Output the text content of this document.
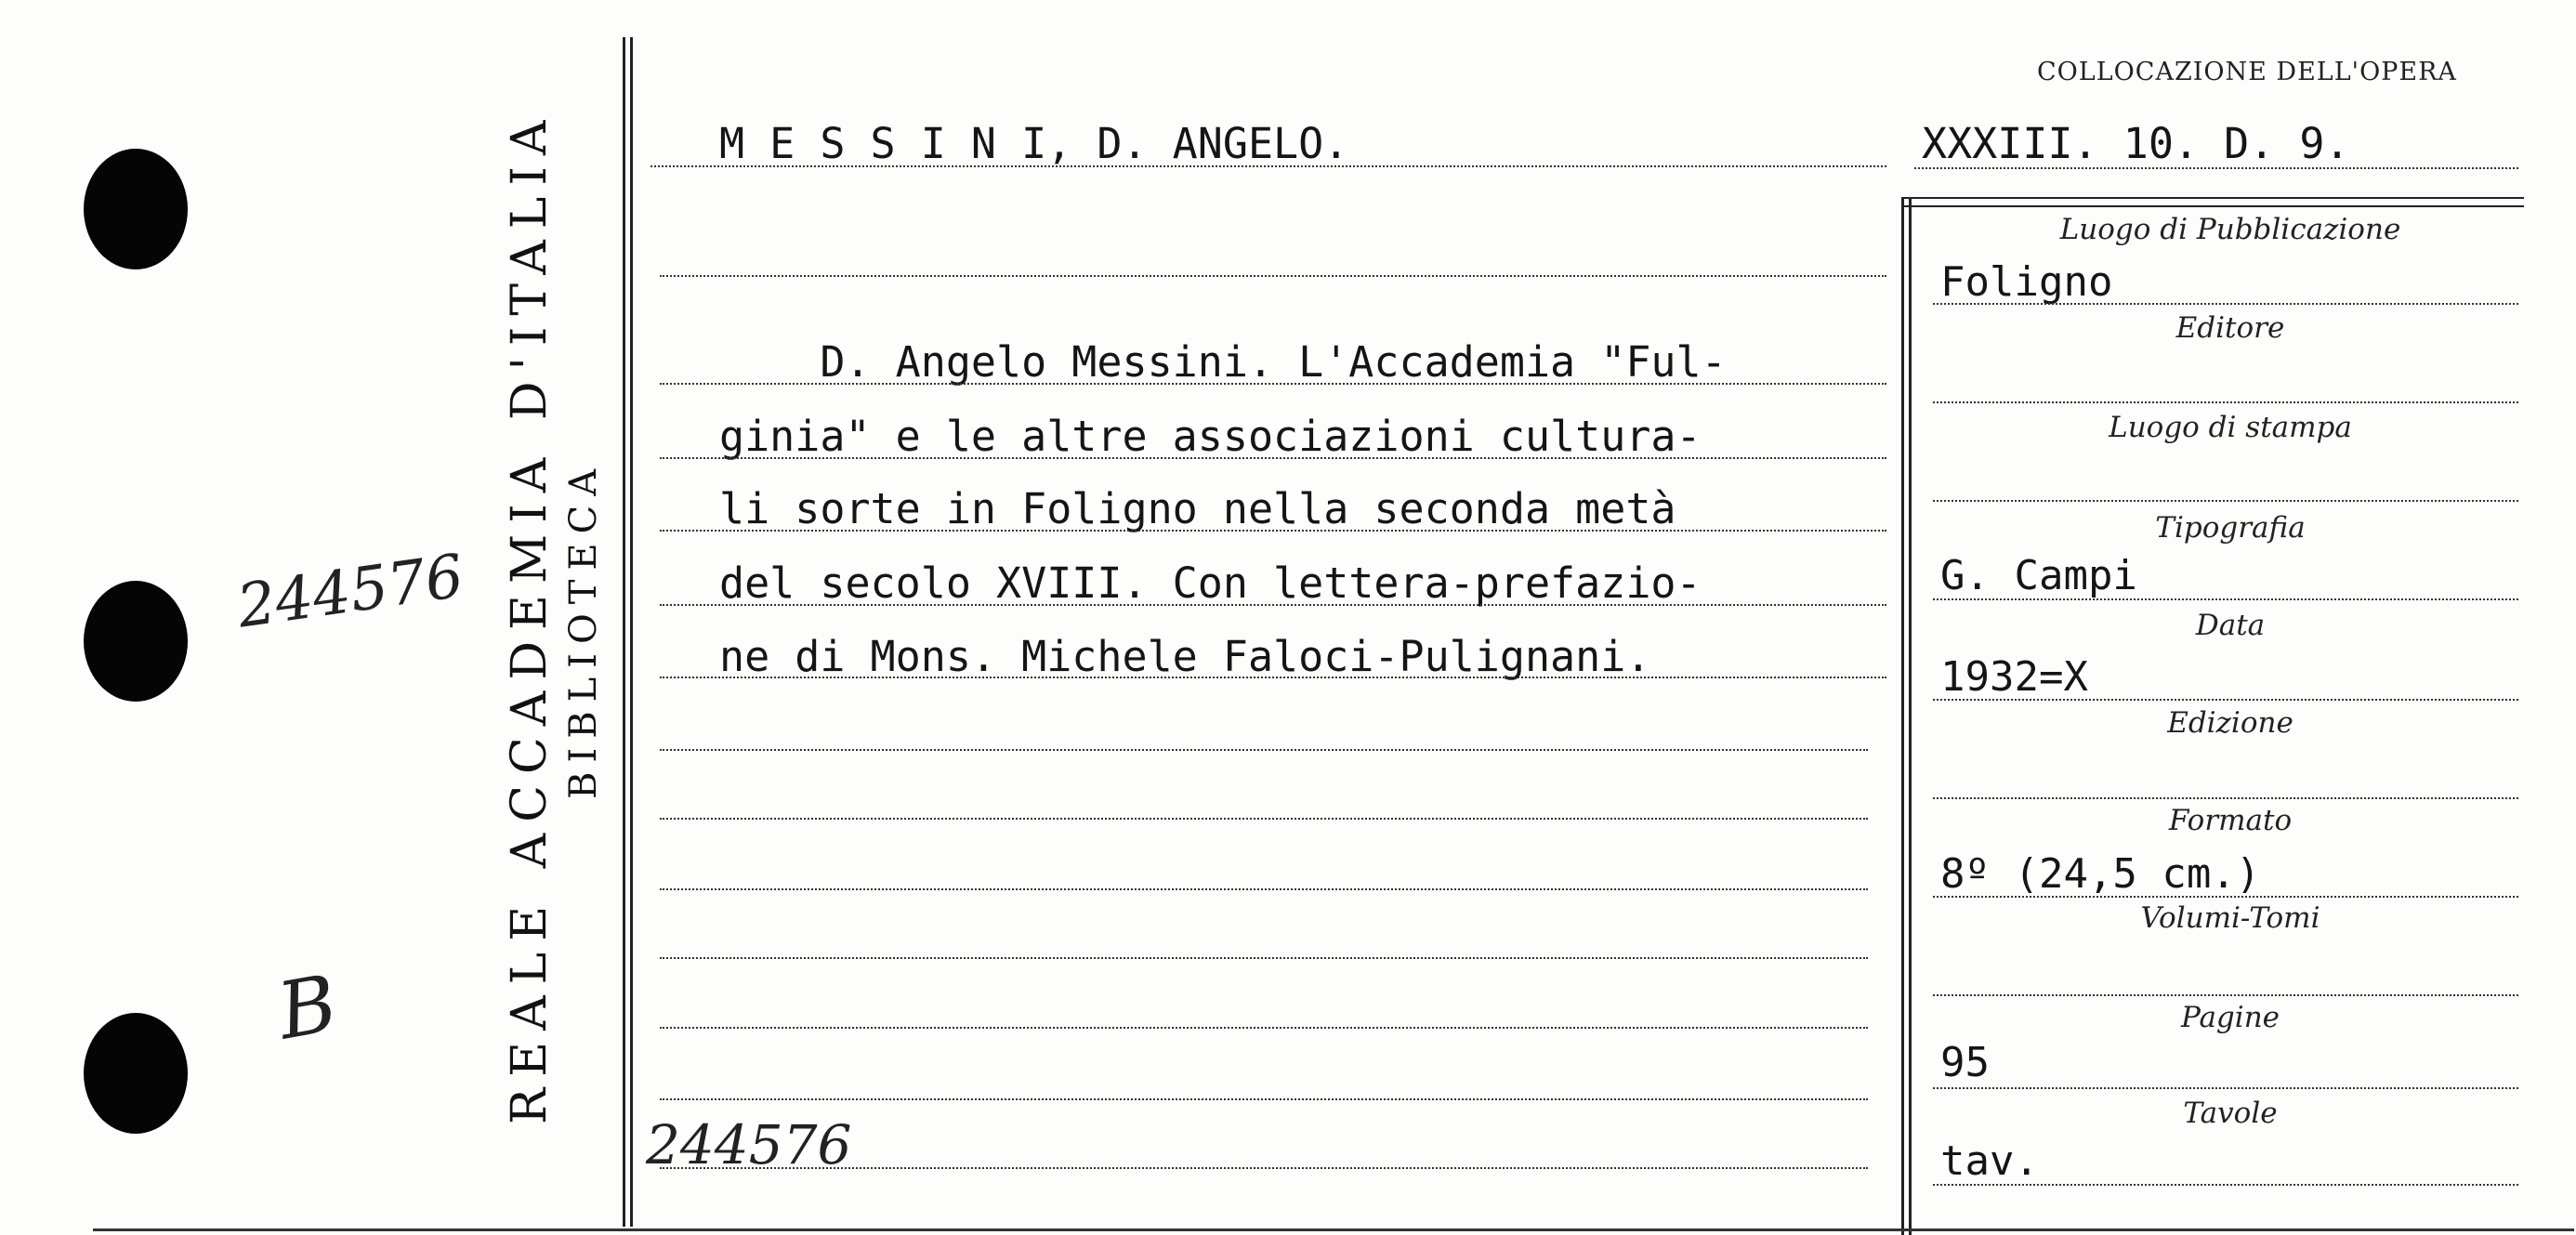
REALE ACCADEMIA D'ITALIA BIBLIOTECA
244576
B
244576
M E S S I N I, D. ANGELO.
COLLOCAZIONE DELL'OPERA
XXXIII. 10. D. 9.
D. Angelo Messini. L'Accademia "Ful-
ginia" e le altre associazioni cultura-
li sorte in Foligno nella seconda metà
del secolo XVIII. Con lettera-prefazio-
ne di Mons. Michele Faloci-Pulignani.
Luogo di Pubblicazione
Foligno
Editore
Luogo di stampa
Tipografia
G. Campi
Data
1932=X
Edizione
Formato
8º (24,5 cm.)
Volumi-Tomi
Pagine
95
Tavole
tav.
